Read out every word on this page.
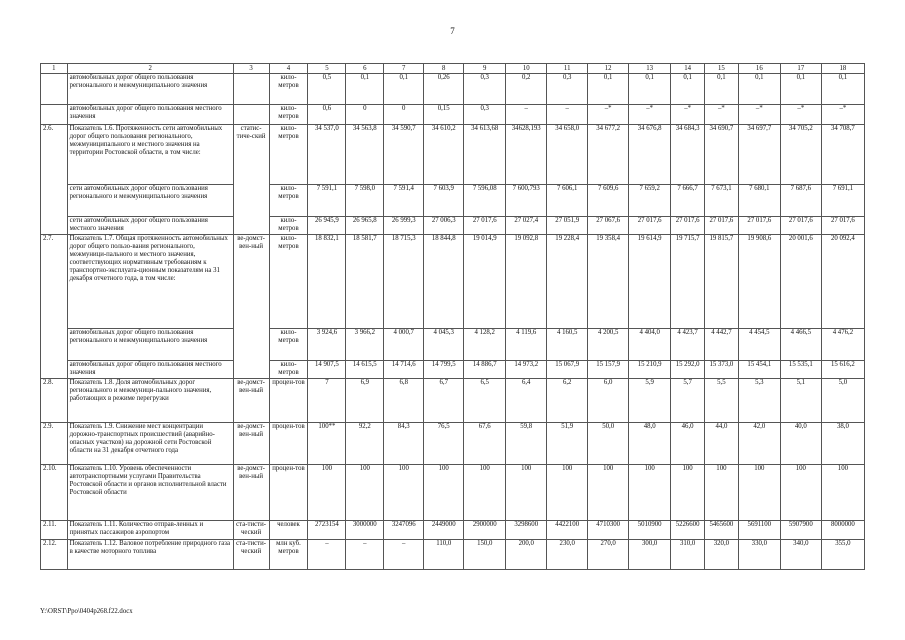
7
1	2	3	4	5	6	7	8	9	10	11	12	13	14	15	16	17	18
	автомобильных дорог общего пользования регионального и межмуниципального значения		кило-метров	0,5	0,1	0,1	0,26	0,3	0,2	0,3	0,1	0,1	0,1	0,1	0,1	0,1	0,1
	автомобильных дорог общего пользования местного значения		кило-метров	0,6	0	0	0,15	0,3	–	–	–*	–*	–*	–*	–*	–*	–*
2.6.	Показатель 1.6. Протяженность сети автомобильных дорог общего пользования регионального, межмуниципального и местного значения на территории Ростовской области, в том числе:	статис-тиче-ский	кило-метров	34 537,0	34 563,8	34 590,7	34 610,2	34 613,68	34628,193	34 658,0	34 677,2	34 676,8	34 684,3	34 690,7	34 697,7	34 705,2	34 708,7
	сети автомобильных дорог общего пользования регионального и межмуниципального значения		кило-метров	7 591,1	7 598,0	7 591,4	7 603,9	7 596,08	7 600,793	7 606,1	7 609,6	7 659,2	7 666,7	7 673,1	7 680,1	7 687,6	7 691,1
	сети автомобильных дорог общего пользования местного значения		кило-метров	26 945,9	26 965,8	26 999,3	27 006,3	27 017,6	27 027,4	27 051,9	27 067,6	27 017,6	27 017,6	27 017,6	27 017,6	27 017,6	27 017,6
2.7.	Показатель 1.7. Общая протяженность автомобильных дорог общего пользо-вания регионального, межмуници-пального и местного значения, соответствующих нормативным требованиям к транспортно-эксплуата-ционным показателям на 31 декабря отчетного года, в том числе:	ве-домст-вен-ный	кило-метров	18 832,1	18 581,7	18 715,3	18 844,8	19 014,9	19 092,8	19 228,4	19 358,4	19 614,9	19 715,7	19 815,7	19 908,6	20 001,6	20 092,4
	автомобильных дорог общего пользования регионального и межмуниципального значения		кило-метров	3 924,6	3 966,2	4 000,7	4 045,3	4 128,2	4 119,6	4 160,5	4 200,5	4 404,0	4 423,7	4 442,7	4 454,5	4 466,5	4 476,2
	автомобильных дорог общего пользования местного значения		кило-метров	14 907,5	14 615,5	14 714,6	14 799,5	14 886,7	14 973,2	15 067,9	15 157,9	15 210,9	15 292,0	15 373,0	15 454,1	15 535,1	15 616,2
2.8.	Показатель 1.8. Доля автомобильных дорог регионального и межмуници-пального значения, работающих в режиме перегрузки	ве-домст-вен-ный	процен-тов	7	6,9	6,8	6,7	6,5	6,4	6,2	6,0	5,9	5,7	5,5	5,3	5,1	5,0
2.9.	Показатель 1.9. Снижение мест концентрации дорожно-транспортных происшествий (аварийно-опасных участков) на дорожной сети Ростовской области на 31 декабря отчетного года	ве-домст-вен-ный	процен-тов	100**	92,2	84,3	76,5	67,6	59,8	51,9	50,0	48,0	46,0	44,0	42,0	40,0	38,0
2.10.	Показатель 1.10. Уровень обеспеченности автотранспортными услугами Правительства Ростовской области и органов исполнительной власти Ростовской области	ве-домст-вен-ный	процен-тов	100	100	100	100	100	100	100	100	100	100	100	100	100	100
2.11.	Показатель 1.11. Количество отправ-ленных и принятых пассажиров аэропортом	ста-тисти-ческий	человек	2723154	3000000	3247096	2449000	2900000	3298600	4422100	4710300	5010900	5226600	5465600	5691100	5907900	8000000
2.12.	Показатель 1.12. Валовое потребление природного газа в качестве моторного топлива	ста-тисти-ческий	млн куб. метров	–	–	–	110,0	150,0	200,0	230,0	270,0	300,0	310,0	320,0	330,0	340,0	355,0
Y:\ORST\Ppo\0404p268.f22.docx
